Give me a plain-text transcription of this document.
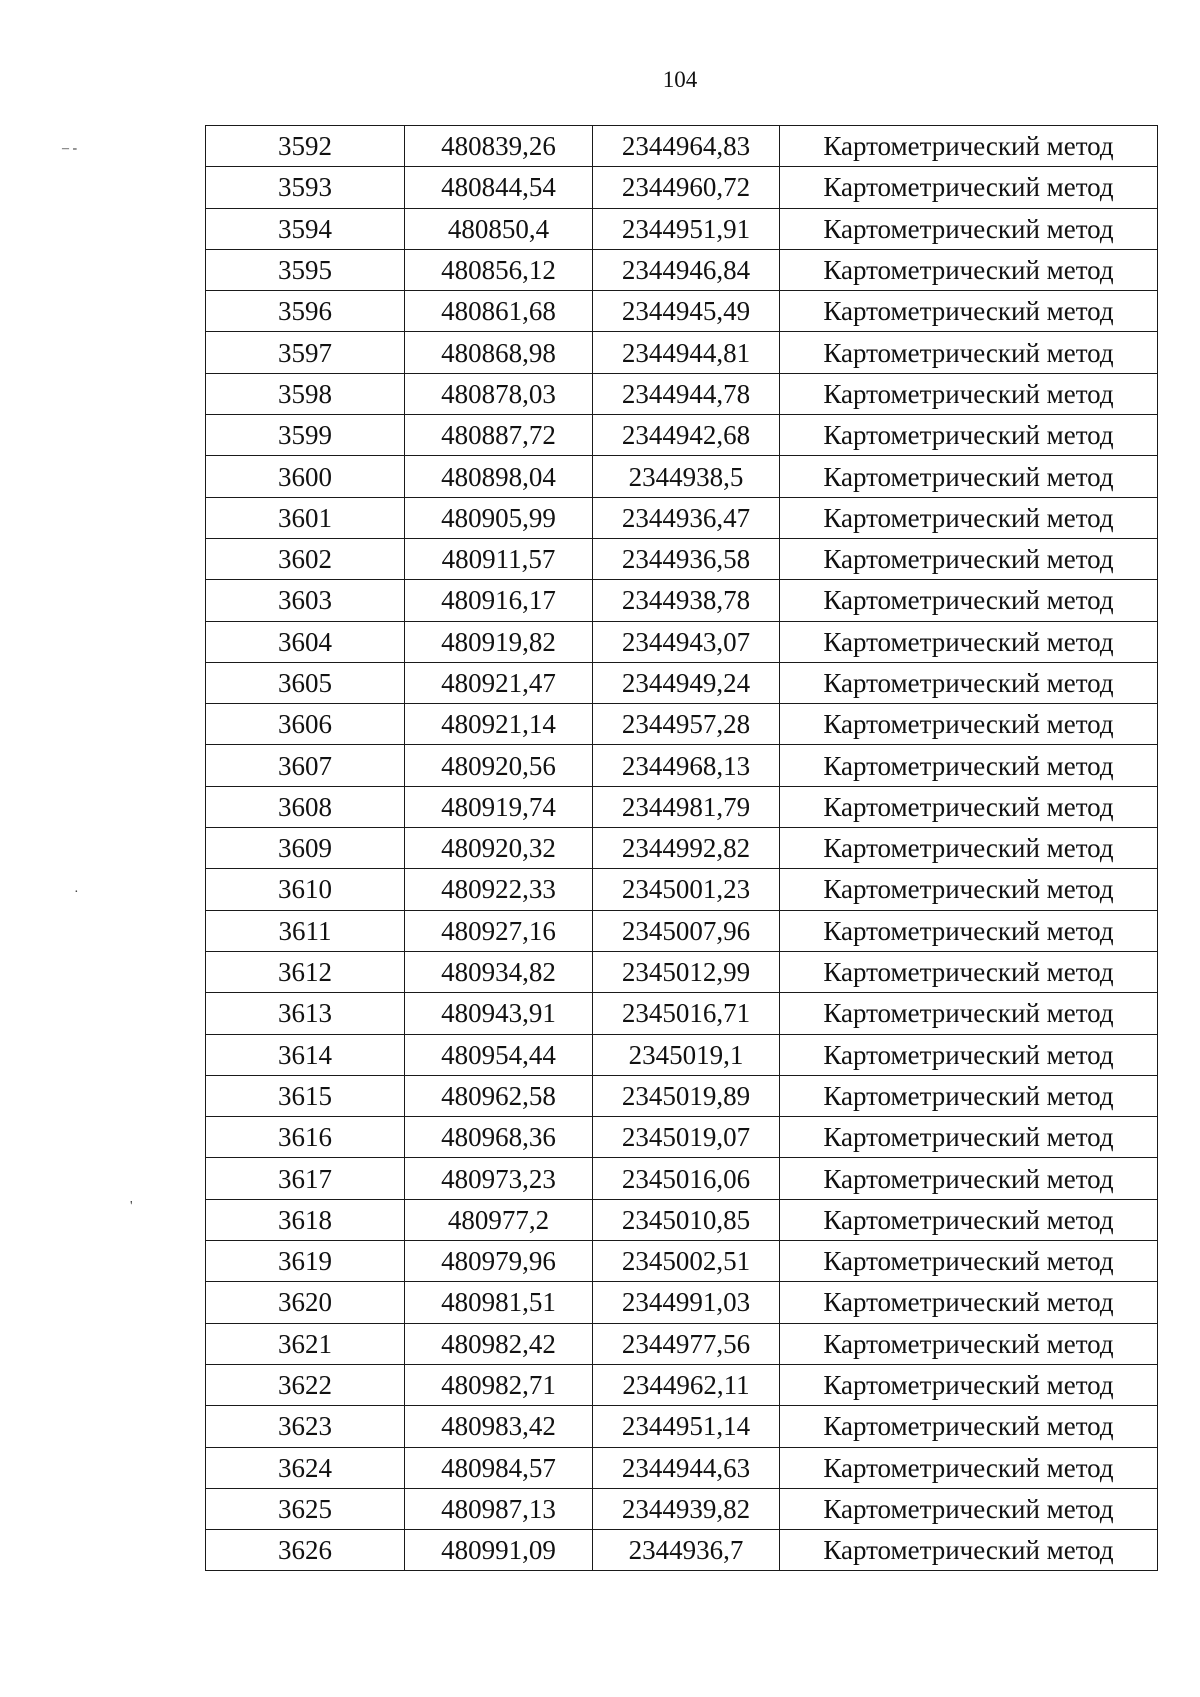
104
– -
·
'
3592	480839,26	2344964,83	Картометрический метод
3593	480844,54	2344960,72	Картометрический метод
3594	480850,4	2344951,91	Картометрический метод
3595	480856,12	2344946,84	Картометрический метод
3596	480861,68	2344945,49	Картометрический метод
3597	480868,98	2344944,81	Картометрический метод
3598	480878,03	2344944,78	Картометрический метод
3599	480887,72	2344942,68	Картометрический метод
3600	480898,04	2344938,5	Картометрический метод
3601	480905,99	2344936,47	Картометрический метод
3602	480911,57	2344936,58	Картометрический метод
3603	480916,17	2344938,78	Картометрический метод
3604	480919,82	2344943,07	Картометрический метод
3605	480921,47	2344949,24	Картометрический метод
3606	480921,14	2344957,28	Картометрический метод
3607	480920,56	2344968,13	Картометрический метод
3608	480919,74	2344981,79	Картометрический метод
3609	480920,32	2344992,82	Картометрический метод
3610	480922,33	2345001,23	Картометрический метод
3611	480927,16	2345007,96	Картометрический метод
3612	480934,82	2345012,99	Картометрический метод
3613	480943,91	2345016,71	Картометрический метод
3614	480954,44	2345019,1	Картометрический метод
3615	480962,58	2345019,89	Картометрический метод
3616	480968,36	2345019,07	Картометрический метод
3617	480973,23	2345016,06	Картометрический метод
3618	480977,2	2345010,85	Картометрический метод
3619	480979,96	2345002,51	Картометрический метод
3620	480981,51	2344991,03	Картометрический метод
3621	480982,42	2344977,56	Картометрический метод
3622	480982,71	2344962,11	Картометрический метод
3623	480983,42	2344951,14	Картометрический метод
3624	480984,57	2344944,63	Картометрический метод
3625	480987,13	2344939,82	Картометрический метод
3626	480991,09	2344936,7	Картометрический метод
